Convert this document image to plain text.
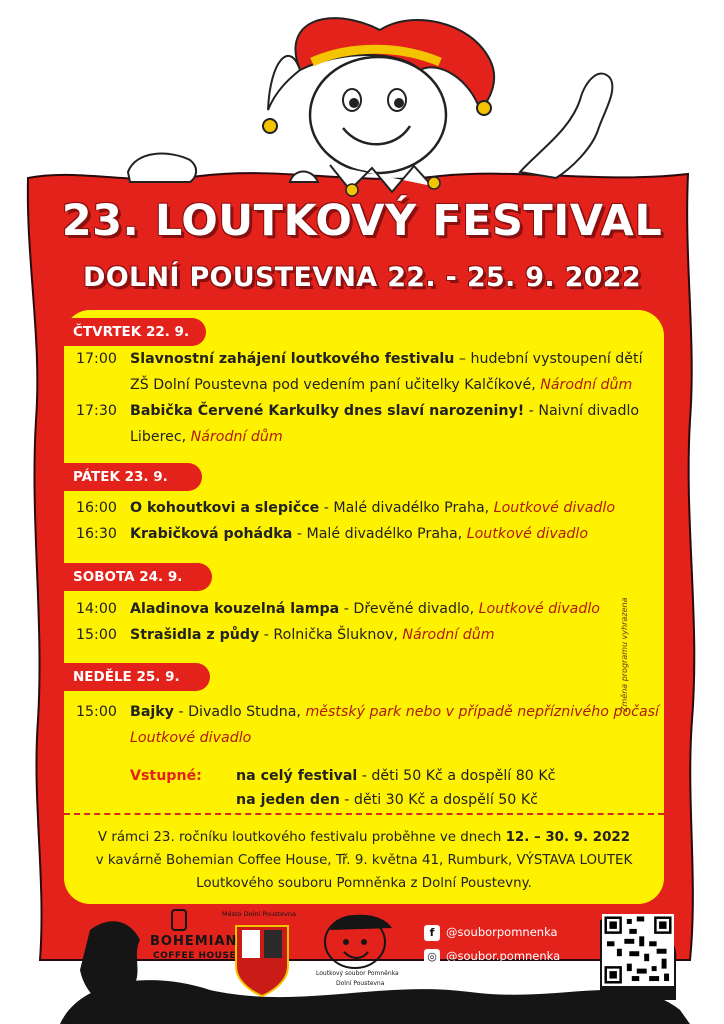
23. LOUTKOVÝ FESTIVAL
DOLNÍ POUSTEVNA 22. - 25. 9. 2022
ČTVRTEK 22. 9.
17:00 Slavnostní zahájení loutkového festivalu – hudební vystoupení dětí ZŠ Dolní Poustevna pod vedením paní učitelky Kalčíkové, Národní dům
17:30 Babička Červené Karkulky dnes slaví narozeniny! - Naivní divadlo Liberec, Národní dům
PÁTEK 23. 9.
16:00 O kohoutkovi a slepičce - Malé divadélko Praha, Loutkové divadlo
16:30 Krabičková pohádka - Malé divadélko Praha, Loutkové divadlo
SOBOTA 24. 9.
14:00 Aladinova kouzelná lampa - Dřevěné divadlo, Loutkové divadlo
15:00 Strašidla z půdy - Rolnička Šluknov, Národní dům
NEDĚLE 25. 9.
15:00 Bajky - Divadlo Studna, městský park nebo v případě nepříznivého počasí Loutkové divadlo
Vstupné: na celý festival - děti 50 Kč a dospělí 80 Kč
na jeden den - děti 30 Kč a dospělí 50 Kč
Změna programu vyhrazena
V rámci 23. ročníku loutkového festivalu proběhne ve dnech 12. – 30. 9. 2022
v kavárně Bohemian Coffee House, Tř. 9. května 41, Rumburk, VÝSTAVA LOUTEK
Loutkového souboru Pomněnka z Dolní Poustevny.
BOHEMIAN
COFFEE HOUSE
Město Dolní Poustevna
Loutkový soubor Pomněnka
Dolní Poustevna
f @souborpomnenka
◎ @soubor.pomnenka
